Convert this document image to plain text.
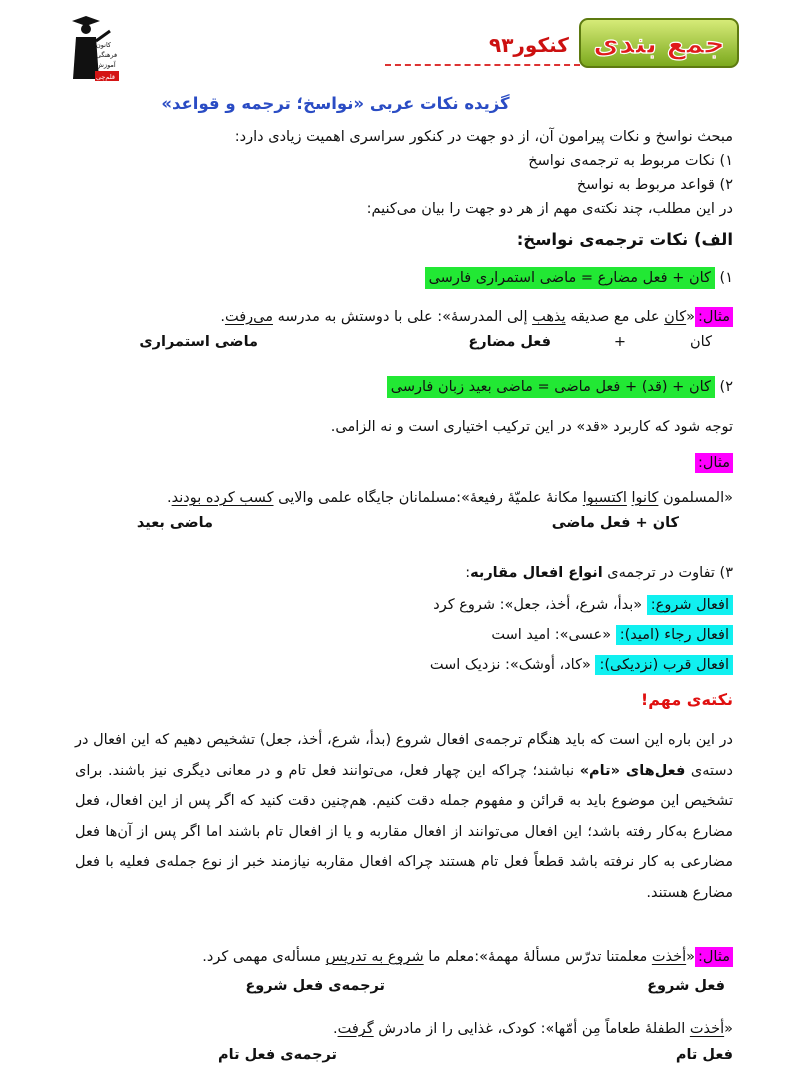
کانون
فرهنگی
آموزش
قلم‌چی
کنکور۹۳ جمع بندی
گزیده نکات عربی «نواسخ؛ ترجمه و قواعد»
مبحث نواسخ و نکات پیرامون آن، از دو جهت در کنکور سراسری اهمیت زیادی دارد:
۱) نکات مربوط به ترجمه‌ی نواسخ
۲) قواعد مربوط به نواسخ
در این مطلب، چند نکته‌ی مهم از هر دو جهت را بیان می‌کنیم:
الف) نکات ترجمه‌ی نواسخ:
۱) کان + فعل مضارع = ماضی استمراری فارسی
مثال:«کان علی مع صدیقه یذهب إلی المدرسهٔ»: علی با دوستش به مدرسه می‌رفت.
کان
+
فعل مضارع
ماضی استمراری
۲) کان + (قد) + فعل ماضی = ماضی بعید زبان فارسی
توجه شود که کاربرد «قد» در این ترکیب اختیاری است و نه الزامی.
مثال:
«المسلمون کانوا اکتسبوا مکانهٔ علمیّهٔ رفیعهٔ»:مسلمانان جایگاه علمی والایی کسب کرده بودند.
کان + فعل ماضی
ماضی بعید
۳) تفاوت در ترجمه‌ی انواع افعال مقاربه:
افعال شروع: «بدأ، شرع، أخذ، جعل»: شروع کرد
افعال رجاء (امید): «عسی»: امید است
افعال قرب (نزدیکی): «کاد، أوشک»: نزدیک است
نکته‌ی مهم!
در این باره این است که باید هنگام ترجمه‌ی افعال شروع (بدأ، شرع، أخذ، جعل) تشخیص دهیم که این افعال در دسته‌ی فعل‌های «تام» نباشند؛ چراکه این چهار فعل، می‌توانند فعل تام و در معانی دیگری نیز باشند. برای تشخیص این موضوع باید به قرائن و مفهوم جمله دقت کنیم. هم‌چنین دقت کنید که اگر پس از این افعال، فعل مضارع به‌کار رفته باشد؛ این افعال می‌توانند از افعال مقاربه و یا از افعال تام باشند اما اگر پس از آن‌ها فعل مضارعی به کار نرفته باشد قطعاً فعل تام هستند چراکه افعال مقاربه نیازمند خبر از نوع جمله‌ی فعلیه با فعل مضارع هستند.
مثال:«أخذت معلمتنا تدرّس مسألهٔ مهمهٔ»:معلم ما شروع به تدریس مسأله‌ی مهمی کرد.
فعل شروع
ترجمه‌ی فعل شروع
«أخذت الطفلهٔ طعاماً مِن أمّها»: کودک، غذایی را از مادرش گرفت.
فعل تام
ترجمه‌ی فعل تام
